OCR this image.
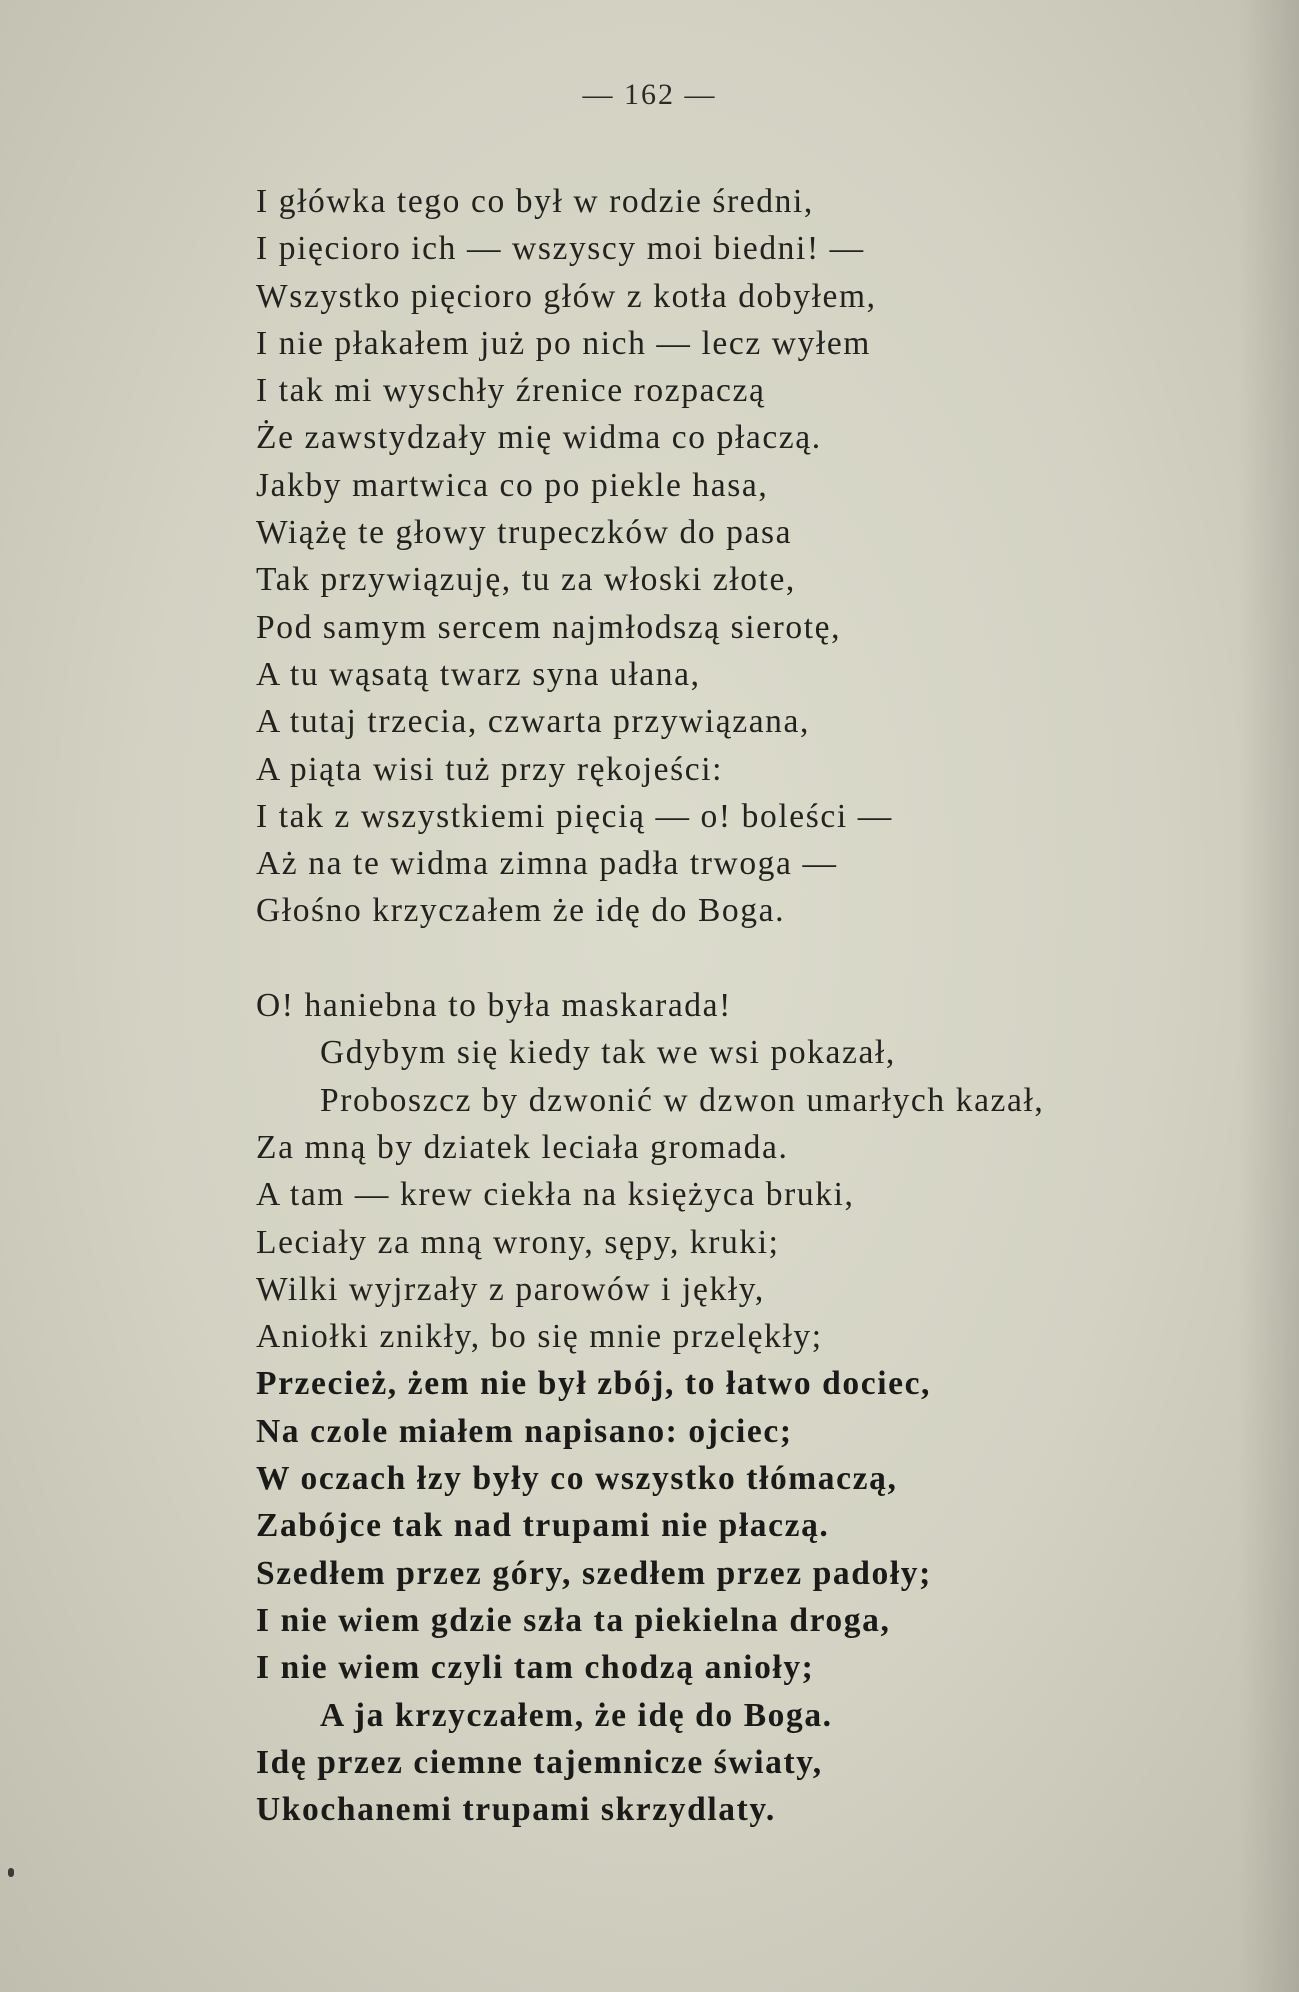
— 162 —
I główka tego co był w rodzie średni,
I pięcioro ich — wszyscy moi biedni! —
Wszystko pięcioro głów z kotła dobyłem,
I nie płakałem już po nich — lecz wyłem
I tak mi wyschły źrenice rozpaczą
Że zawstydzały mię widma co płaczą.
Jakby martwica co po piekle hasa,
Wiążę te głowy trupeczków do pasa
Tak przywiązuję, tu za włoski złote,
Pod samym sercem najmłodszą sierotę,
A tu wąsatą twarz syna ułana,
A tutaj trzecia, czwarta przywiązana,
A piąta wisi tuż przy rękojeści:
I tak z wszystkiemi pięcią — o! boleści —
Aż na te widma zimna padła trwoga —
Głośno krzyczałem że idę do Boga.
O! haniebna to była maskarada!
Gdybym się kiedy tak we wsi pokazał,
Proboszcz by dzwonić w dzwon umarłych kazał,
Za mną by dziatek leciała gromada.
A tam — krew ciekła na księżyca bruki,
Leciały za mną wrony, sępy, kruki;
Wilki wyjrzały z parowów i jękły,
Aniołki znikły, bo się mnie przelękły;
Przecież, żem nie był zbój, to łatwo dociec,
Na czole miałem napisano: ojciec;
W oczach łzy były co wszystko tłómaczą,
Zabójce tak nad trupami nie płaczą.
Szedłem przez góry, szedłem przez padoły;
I nie wiem gdzie szła ta piekielna droga,
I nie wiem czyli tam chodzą anioły;
A ja krzyczałem, że idę do Boga.
Idę przez ciemne tajemnicze światy,
Ukochanemi trupami skrzydlaty.
